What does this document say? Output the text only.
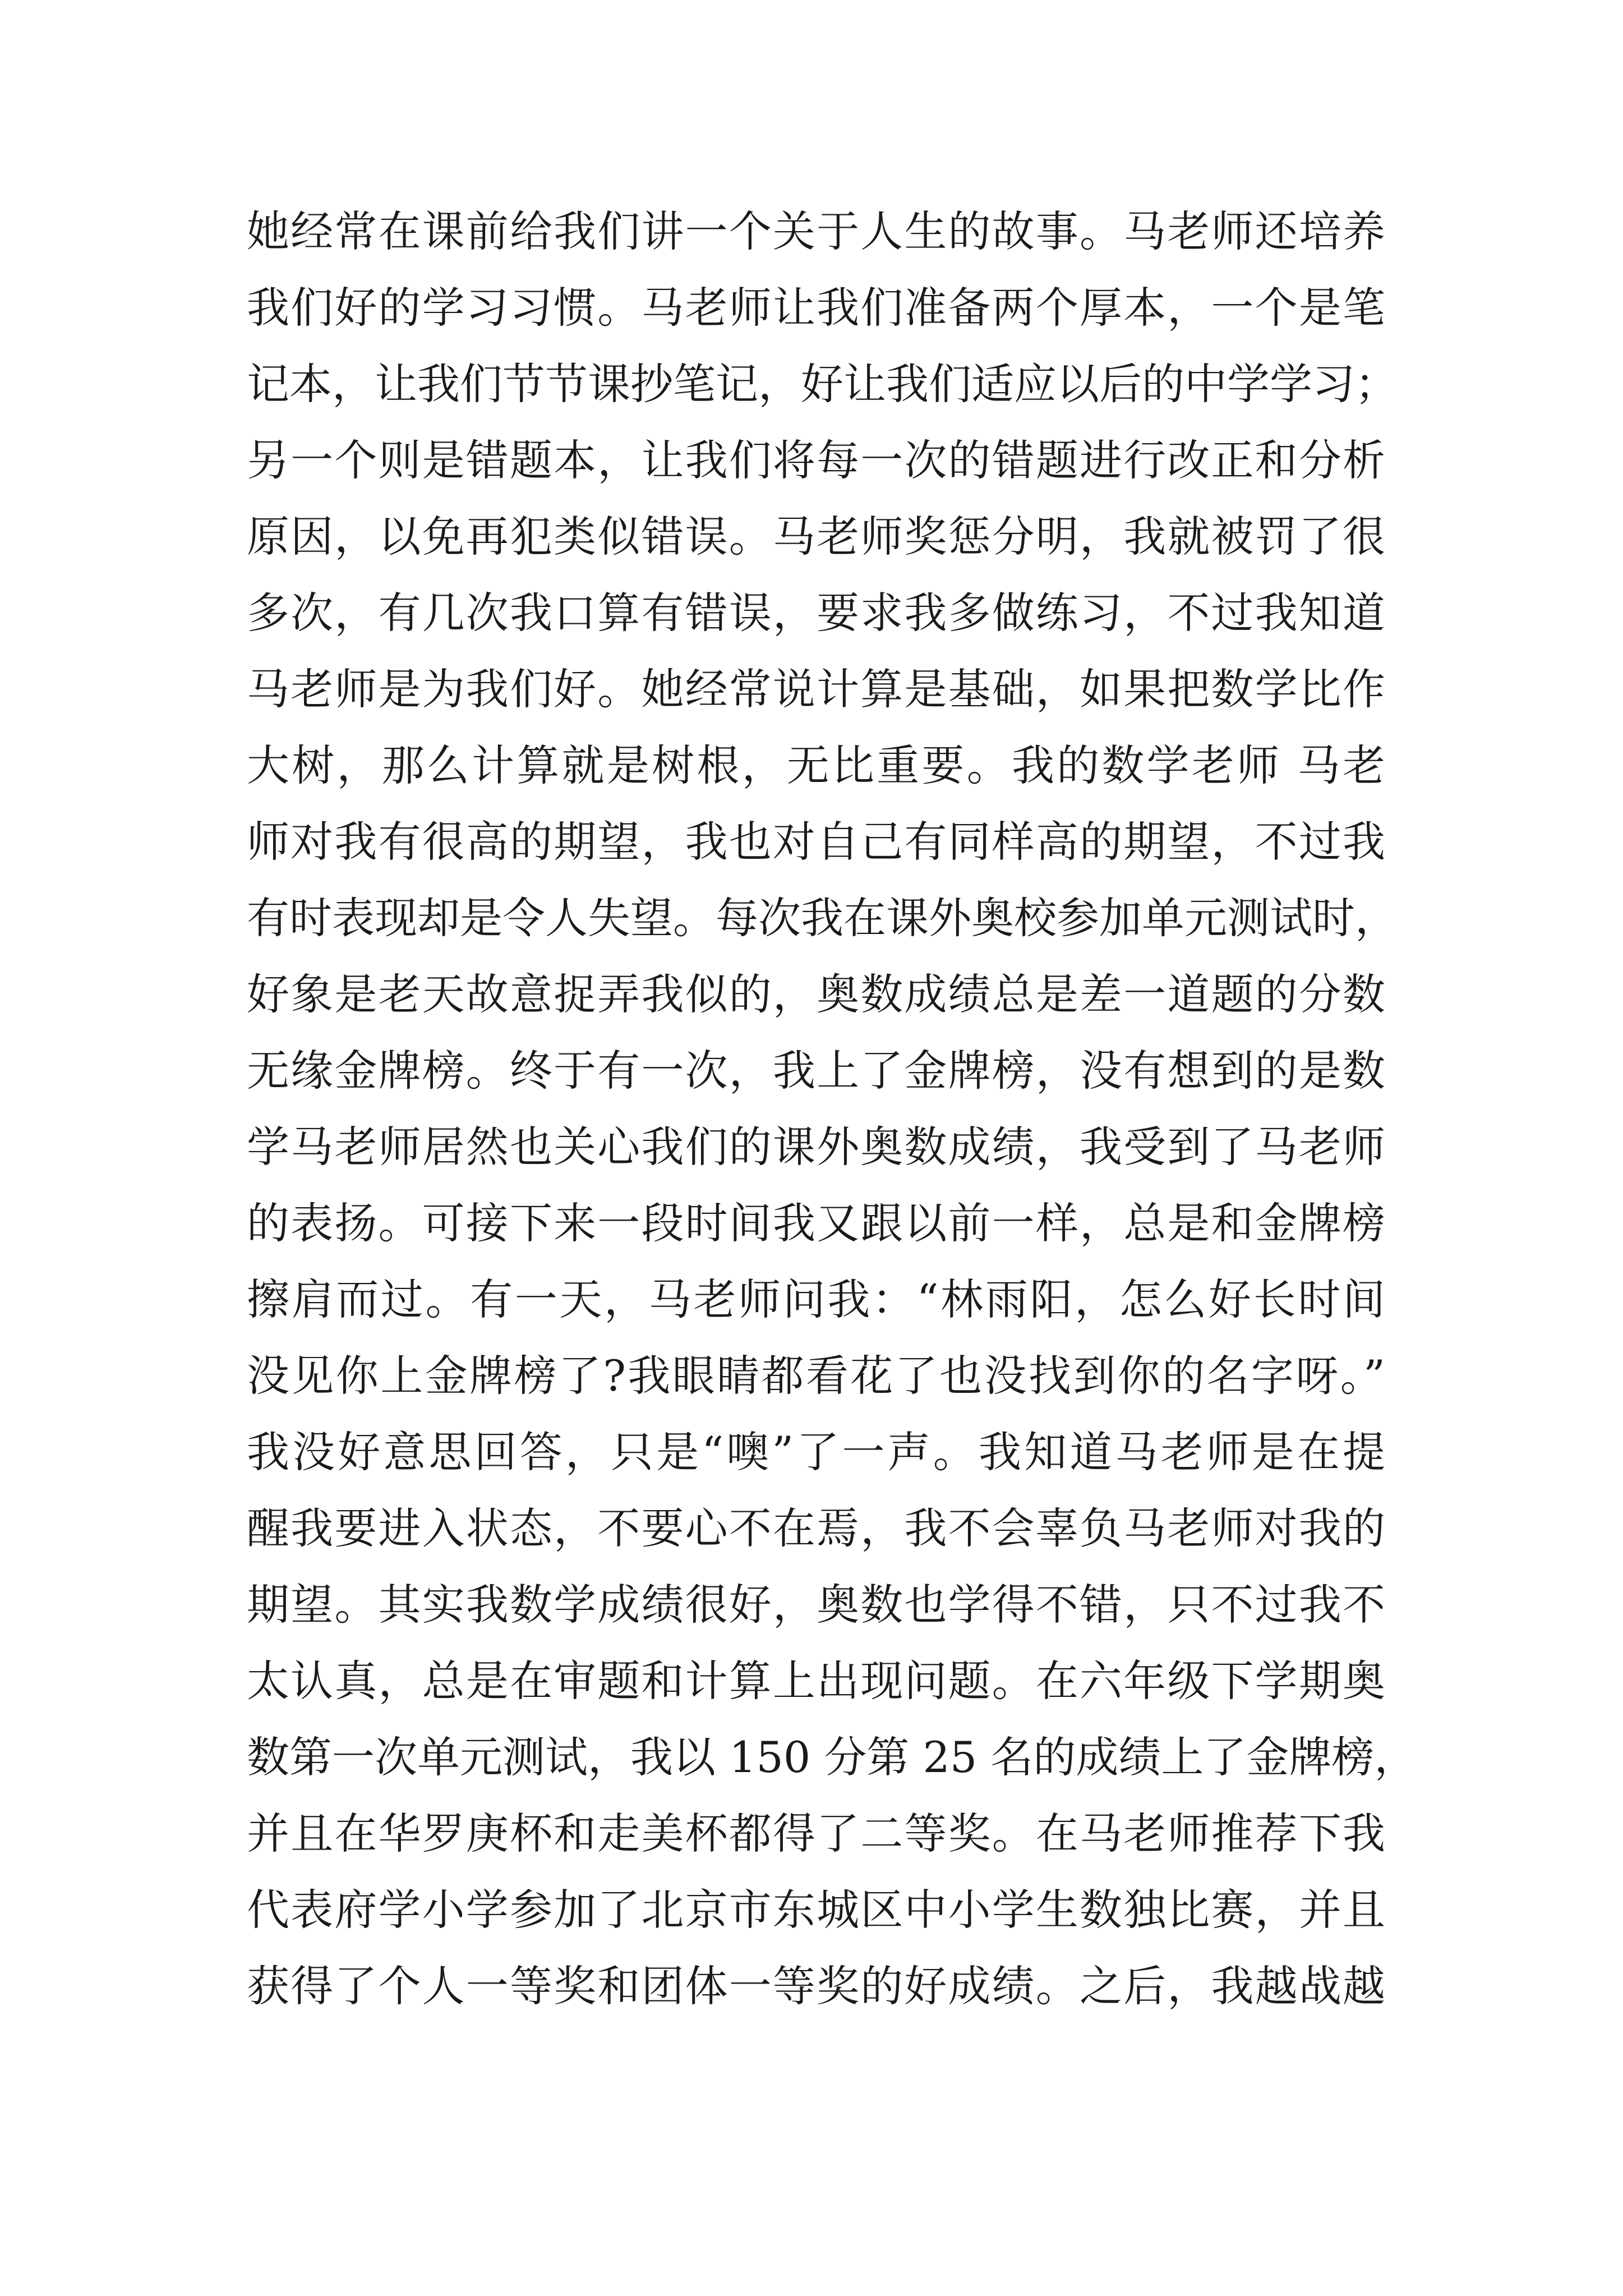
她经常在课前给我们讲一个关于人生的故事。马老师还培养
我们好的学习习惯。马老师让我们准备两个厚本，一个是笔
记本，让我们节节课抄笔记，好让我们适应以后的中学学习；
另一个则是错题本，让我们将每一次的错题进行改正和分析
原因，以免再犯类似错误。马老师奖惩分明，我就被罚了很
多次，有几次我口算有错误，要求我多做练习，不过我知道
马老师是为我们好。她经常说计算是基础，如果把数学比作
大树，那么计算就是树根，无比重要。我的数学老师 马老
师对我有很高的期望，我也对自己有同样高的期望，不过我
有时表现却是令人失望。每次我在课外奥校参加单元测试时，
好象是老天故意捉弄我似的，奥数成绩总是差一道题的分数
无缘金牌榜。终于有一次，我上了金牌榜，没有想到的是数
学马老师居然也关心我们的课外奥数成绩，我受到了马老师
的表扬。可接下来一段时间我又跟以前一样，总是和金牌榜
擦肩而过。有一天，马老师问我：“林雨阳，怎么好长时间
没见你上金牌榜了?我眼睛都看花了也没找到你的名字呀。”
我没好意思回答，只是“噢”了一声。我知道马老师是在提
醒我要进入状态，不要心不在焉，我不会辜负马老师对我的
期望。其实我数学成绩很好，奥数也学得不错，只不过我不
太认真，总是在审题和计算上出现问题。在六年级下学期奥
数第一次单元测试，我以 150 分第 25 名的成绩上了金牌榜，
并且在华罗庚杯和走美杯都得了二等奖。在马老师推荐下我
代表府学小学参加了北京市东城区中小学生数独比赛，并且
获得了个人一等奖和团体一等奖的好成绩。之后，我越战越
